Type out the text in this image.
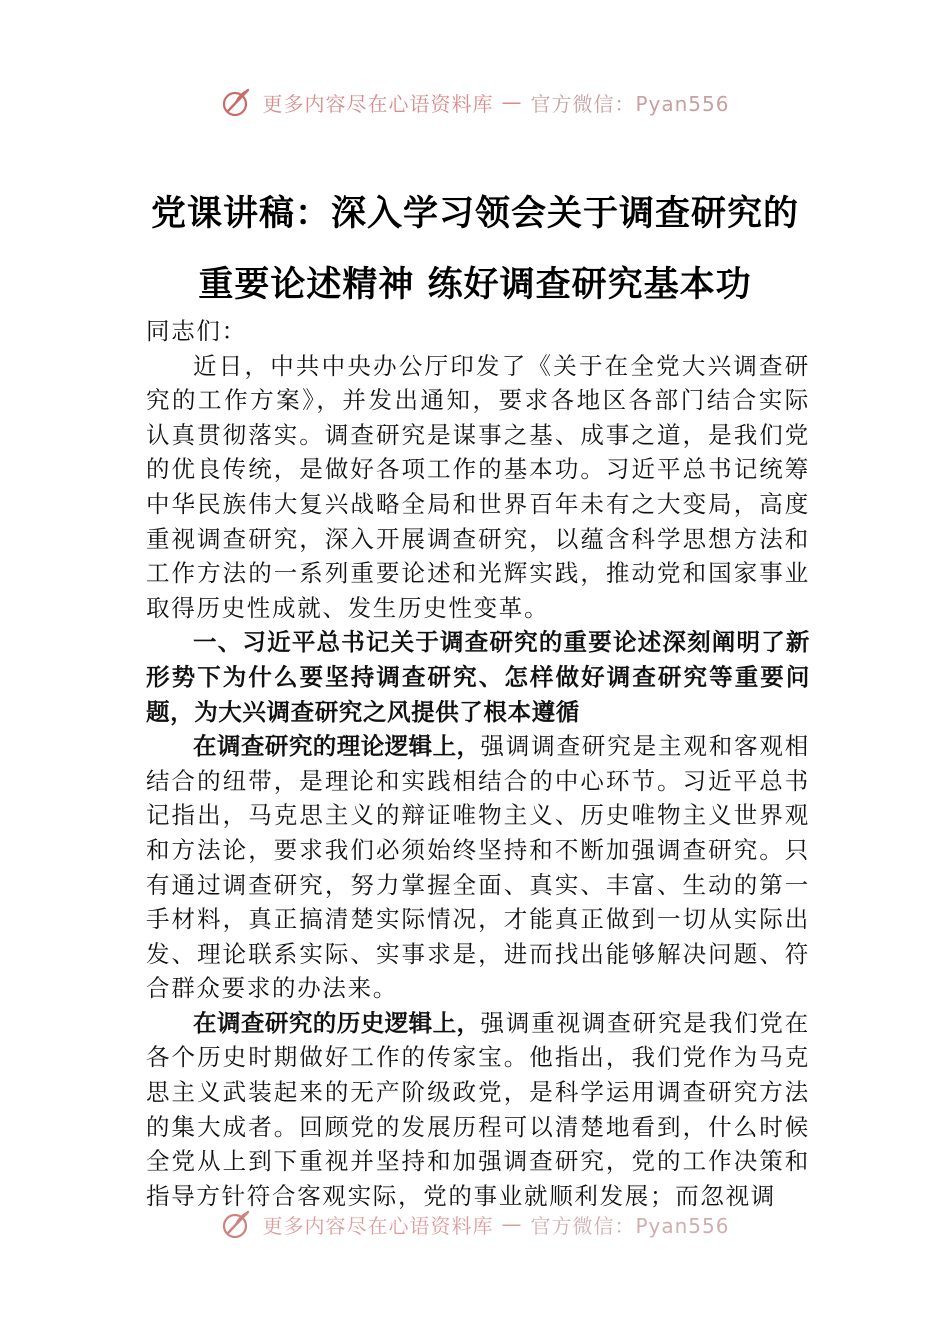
更多内容尽在心语资料库 — 官方微信：Pyan556
党课讲稿：深入学习领会关于调查研究的
重要论述精神 练好调查研究基本功

同志们：

近日，中共中央办公厅印发了《关于在全党大兴调查研究的工作方案》，并发出通知，要求各地区各部门结合实际认真贯彻落实。调查研究是谋事之基、成事之道，是我们党的优良传统，是做好各项工作的基本功。习近平总书记统筹中华民族伟大复兴战略全局和世界百年未有之大变局，高度重视调查研究，深入开展调查研究，以蕴含科学思想方法和工作方法的一系列重要论述和光辉实践，推动党和国家事业取得历史性成就、发生历史性变革。

一、习近平总书记关于调查研究的重要论述深刻阐明了新形势下为什么要坚持调查研究、怎样做好调查研究等重要问题，为大兴调查研究之风提供了根本遵循

在调查研究的理论逻辑上，强调调查研究是主观和客观相结合的纽带，是理论和实践相结合的中心环节。习近平总书记指出，马克思主义的辩证唯物主义、历史唯物主义世界观和方法论，要求我们必须始终坚持和不断加强调查研究。只有通过调查研究，努力掌握全面、真实、丰富、生动的第一手材料，真正搞清楚实际情况，才能真正做到一切从实际出发、理论联系实际、实事求是，进而找出能够解决问题、符合群众要求的办法来。

在调查研究的历史逻辑上，强调重视调查研究是我们党在各个历史时期做好工作的传家宝。他指出，我们党作为马克思主义武装起来的无产阶级政党，是科学运用调查研究方法的集大成者。回顾党的发展历程可以清楚地看到，什么时候全党从上到下重视并坚持和加强调查研究，党的工作决策和指导方针符合客观实际，党的事业就顺利发展；而忽视调

更多内容尽在心语资料库 — 官方微信：Pyan556
